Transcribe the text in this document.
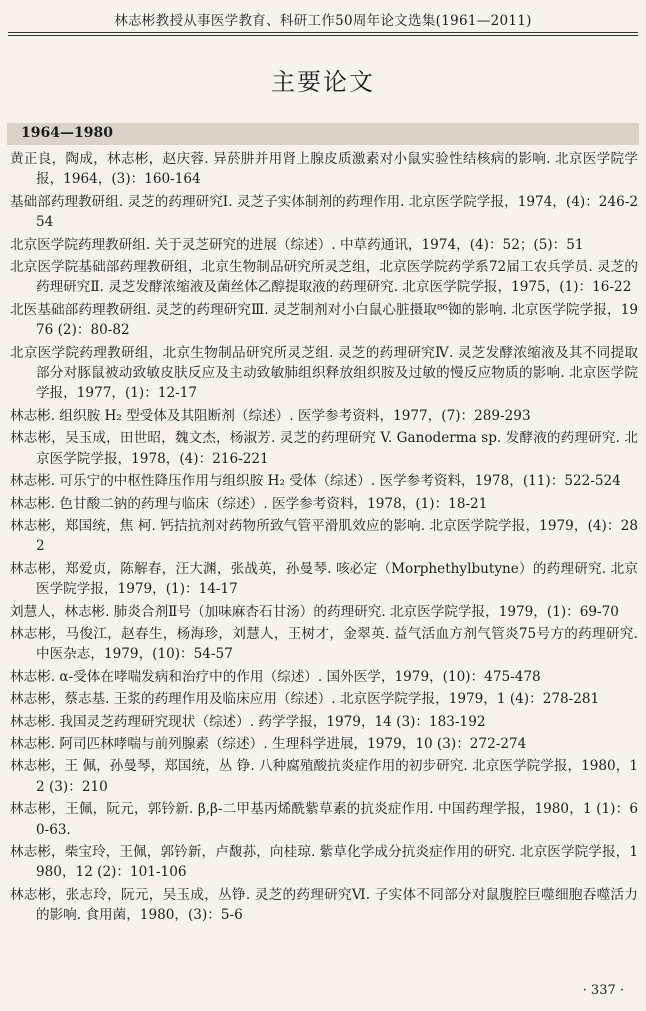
林志彬教授从事医学教育、科研工作50周年论文选集(1961—2011)
主要论文
1964—1980

黄正良，陶成，林志彬，赵庆蓉. 异菸肼并用肾上腺皮质激素对小鼠实验性结核病的影响. 北京医学院学报，1964，(3)：160-164

基础部药理教研组. 灵芝的药理研究Ⅰ. 灵芝子实体制剂的药理作用. 北京医学院学报，1974，(4)：246-254

北京医学院药理教研组. 关于灵芝研究的进展（综述）. 中草药通讯，1974，(4)：52；(5)：51

北京医学院基础部药理教研组，北京生物制品研究所灵芝组，北京医学院药学系72届工农兵学员. 灵芝的药理研究Ⅱ. 灵芝发酵浓缩液及菌丝体乙醇提取液的药理研究. 北京医学院学报，1975，(1)：16-22

北医基础部药理教研组. 灵芝的药理研究Ⅲ. 灵芝制剂对小白鼠心脏摄取⁸⁶铷的影响. 北京医学院学报，1976 (2)：80-82

北京医学院药理教研组，北京生物制品研究所灵芝组. 灵芝的药理研究Ⅳ. 灵芝发酵浓缩液及其不同提取部分对豚鼠被动致敏皮肤反应及主动致敏肺组织释放组织胺及过敏的慢反应物质的影响. 北京医学院学报，1977，(1)：12-17

林志彬. 组织胺 H₂ 型受体及其阻断剂（综述）. 医学参考资料，1977，(7)：289-293

林志彬，吴玉成，田世昭，魏文杰，杨淑芳. 灵芝的药理研究 V. Ganoderma sp. 发酵液的药理研究. 北京医学院学报，1978，(4)：216-221

林志彬. 可乐宁的中枢性降压作用与组织胺 H₂ 受体（综述）. 医学参考资料，1978，(11)：522-524

林志彬. 色甘酸二钠的药理与临床（综述）. 医学参考资料，1978，(1)：18-21

林志彬，郑国统，焦 柯. 钙拮抗剂对药物所致气管平滑肌效应的影响. 北京医学院学报，1979，(4)：282

林志彬，郑爱贞，陈解春，汪大渊，张战英，孙曼琴. 咳必定（Morphethylbutyne）的药理研究. 北京医学院学报，1979，(1)：14-17

刘慧人，林志彬. 肺炎合剂Ⅱ号（加味麻杏石甘汤）的药理研究. 北京医学院学报，1979，(1)：69-70

林志彬，马俊江，赵春生，杨海珍，刘慧人，王树才，金翠英. 益气活血方剂气管炎75号方的药理研究. 中医杂志，1979，(10)：54-57

林志彬. α-受体在哮喘发病和治疗中的作用（综述）. 国外医学，1979，(10)：475-478

林志彬，蔡志基. 王浆的药理作用及临床应用（综述）. 北京医学院学报，1979，1 (4)：278-281

林志彬. 我国灵芝药理研究现状（综述）. 药学学报，1979，14 (3)：183-192

林志彬. 阿司匹林哮喘与前列腺素（综述）. 生理科学进展，1979，10 (3)：272-274

林志彬，王 佩，孙曼琴，郑国统，丛 铮. 八种腐殖酸抗炎症作用的初步研究. 北京医学院学报，1980，12 (3)：210

林志彬，王佩，阮元，郭钤新. β,β-二甲基丙烯酰紫草素的抗炎症作用. 中国药理学报，1980，1 (1)：60-63.

林志彬，柴宝玲，王佩，郭钤新，卢馥荪，向桂琼. 紫草化学成分抗炎症作用的研究. 北京医学院学报，1980，12 (2)：101-106

林志彬，张志玲，阮元，吴玉成，丛铮. 灵芝的药理研究Ⅵ. 子实体不同部分对鼠腹腔巨噬细胞吞噬活力的影响. 食用菌，1980，(3)：5-6

· 337 ·
